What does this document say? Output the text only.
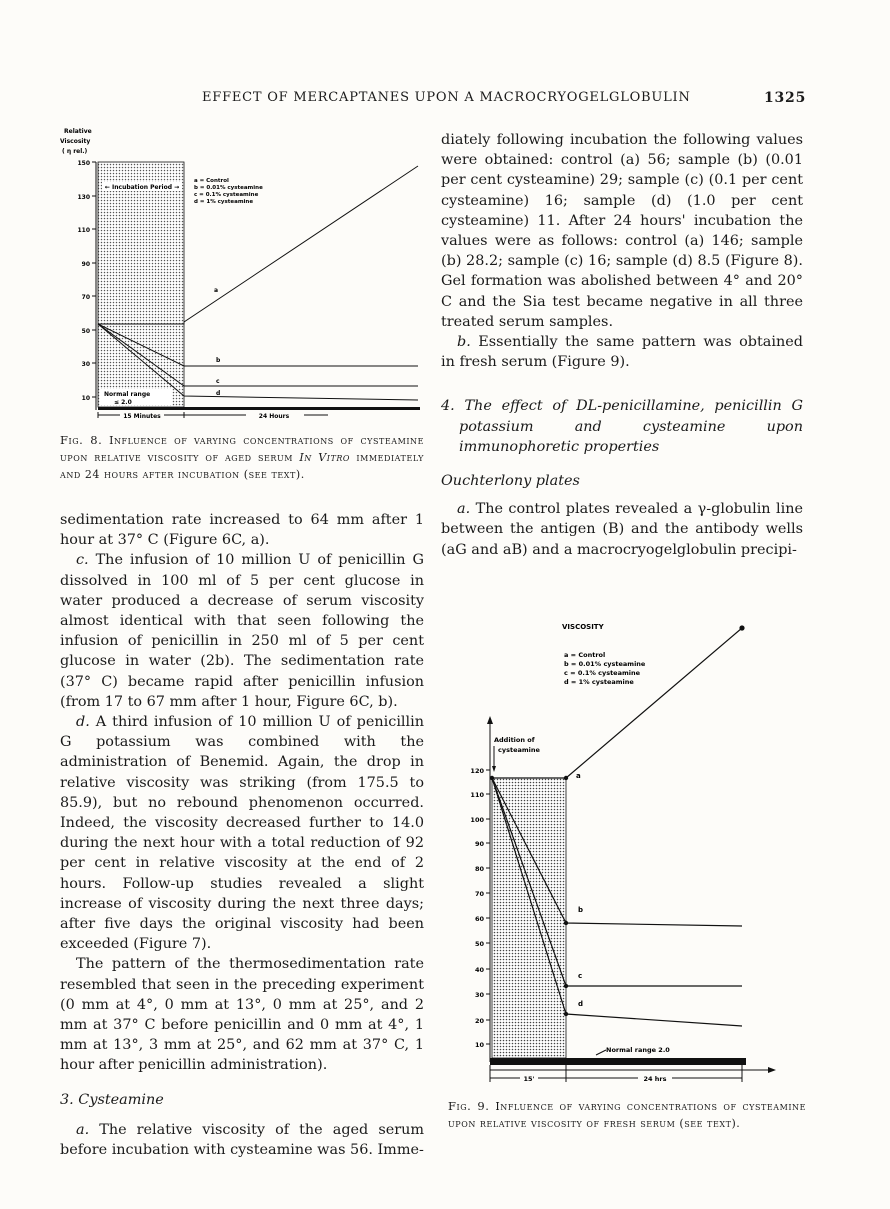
EFFECT OF MERCAPTANES UPON A MACROCRYOGELGLOBULIN	1325
Relative
Viscosity
( η rel.)
150
130
110
90
70
50
30
10
← Incubation Period →
a = Control
b = 0.01% cysteamine
c = 0.1% cysteamine
d = 1% cysteamine
a
b
c
d
Normal range
≤ 2.0
15 Minutes	24 Hours
Fig. 8. Influence of varying concentrations of cysteamine upon relative viscosity of aged serum In Vitro immediately and 24 hours after incubation (see text).

sedimentation rate increased to 64 mm after 1 hour at 37° C (Figure 6C, a).

c. The infusion of 10 million U of penicillin G dissolved in 100 ml of 5 per cent glucose in water produced a decrease of serum viscosity almost identical with that seen following the infusion of penicillin in 250 ml of 5 per cent glucose in water (2b). The sedimentation rate (37° C) became rapid after penicillin infusion (from 17 to 67 mm after 1 hour, Figure 6C, b).

d. A third infusion of 10 million U of penicillin G potassium was combined with the administration of Benemid. Again, the drop in relative viscosity was striking (from 175.5 to 85.9), but no rebound phenomenon occurred. Indeed, the viscosity decreased further to 14.0 during the next hour with a total reduction of 92 per cent in relative viscosity at the end of 2 hours. Follow-up studies revealed a slight increase of viscosity during the next three days; after five days the original viscosity had been exceeded (Figure 7).

The pattern of the thermosedimentation rate resembled that seen in the preceding experiment (0 mm at 4°, 0 mm at 13°, 0 mm at 25°, and 2 mm at 37° C before penicillin and 0 mm at 4°, 1 mm at 13°, 3 mm at 25°, and 62 mm at 37° C, 1 hour after penicillin administration).

3. Cysteamine

a. The relative viscosity of the aged serum before incubation with cysteamine was 56. Imme-

diately following incubation the following values were obtained: control (a) 56; sample (b) (0.01 per cent cysteamine) 29; sample (c) (0.1 per cent cysteamine) 16; sample (d) (1.0 per cent cysteamine) 11. After 24 hours' incubation the values were as follows: control (a) 146; sample (b) 28.2; sample (c) 16; sample (d) 8.5 (Figure 8). Gel formation was abolished between 4° and 20° C and the Sia test became negative in all three treated serum samples.

b. Essentially the same pattern was obtained in fresh serum (Figure 9).

4. The effect of DL-penicillamine, penicillin G potassium and cysteamine upon immunophoretic properties

Ouchterlony plates

a. The control plates revealed a γ-globulin line between the antigen (B) and the antibody wells (aG and aB) and a macrocryogelglobulin precipi-

VISCOSITY
a = Control
b = 0.01% cysteamine
c = 0.1% cysteamine
d = 1% cysteamine
Addition of
cysteamine
120
110
100
90
80
70
60
50
40
30
20
10
a
b
c
d
Normal range 2.0
15'	24 hrs
Fig. 9. Influence of varying concentrations of cysteamine upon relative viscosity of fresh serum (see text).
